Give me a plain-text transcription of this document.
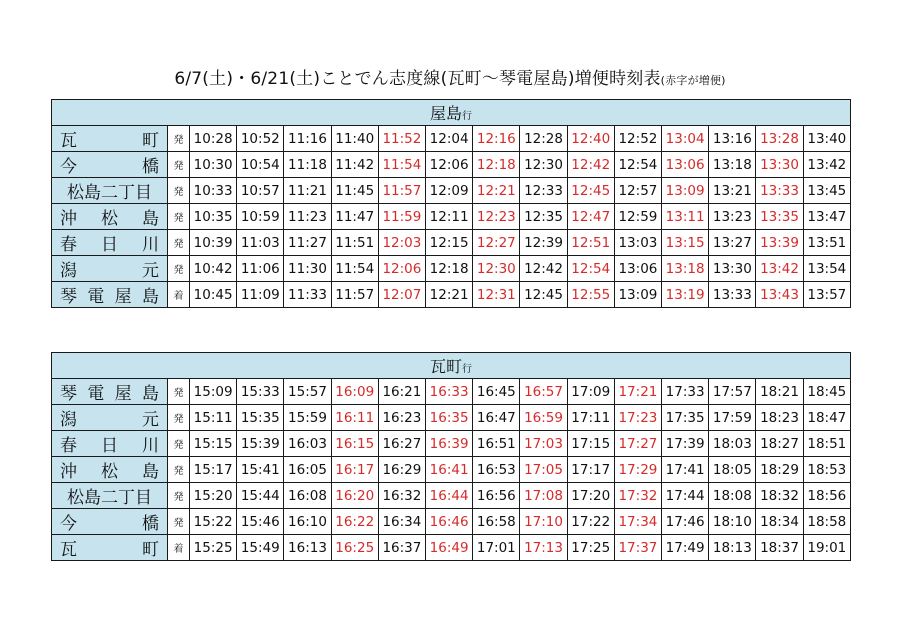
6/7(土)・6/21(土)ことでん志度線(瓦町～琴電屋島)増便時刻表(赤字が増便)
屋島行															

瓦 町	発	10:28	10:52	11:16	11:40	11:52	12:04	12:16	12:28	12:40	12:52	13:04	13:16	13:28	13:40

今 橋	発	10:30	10:54	11:18	11:42	11:54	12:06	12:18	12:30	12:42	12:54	13:06	13:18	13:30	13:42

松島二丁目	発	10:33	10:57	11:21	11:45	11:57	12:09	12:21	12:33	12:45	12:57	13:09	13:21	13:33	13:45

沖 松 島	発	10:35	10:59	11:23	11:47	11:59	12:11	12:23	12:35	12:47	12:59	13:11	13:23	13:35	13:47

春 日 川	発	10:39	11:03	11:27	11:51	12:03	12:15	12:27	12:39	12:51	13:03	13:15	13:27	13:39	13:51

潟 元	発	10:42	11:06	11:30	11:54	12:06	12:18	12:30	12:42	12:54	13:06	13:18	13:30	13:42	13:54

琴 電 屋 島	着	10:45	11:09	11:33	11:57	12:07	12:21	12:31	12:45	12:55	13:09	13:19	13:33	13:43	13:57
瓦町行															

琴 電 屋 島	発	15:09	15:33	15:57	16:09	16:21	16:33	16:45	16:57	17:09	17:21	17:33	17:57	18:21	18:45

潟 元	発	15:11	15:35	15:59	16:11	16:23	16:35	16:47	16:59	17:11	17:23	17:35	17:59	18:23	18:47

春 日 川	発	15:15	15:39	16:03	16:15	16:27	16:39	16:51	17:03	17:15	17:27	17:39	18:03	18:27	18:51

沖 松 島	発	15:17	15:41	16:05	16:17	16:29	16:41	16:53	17:05	17:17	17:29	17:41	18:05	18:29	18:53

松島二丁目	発	15:20	15:44	16:08	16:20	16:32	16:44	16:56	17:08	17:20	17:32	17:44	18:08	18:32	18:56

今 橋	発	15:22	15:46	16:10	16:22	16:34	16:46	16:58	17:10	17:22	17:34	17:46	18:10	18:34	18:58

瓦 町	着	15:25	15:49	16:13	16:25	16:37	16:49	17:01	17:13	17:25	17:37	17:49	18:13	18:37	19:01
